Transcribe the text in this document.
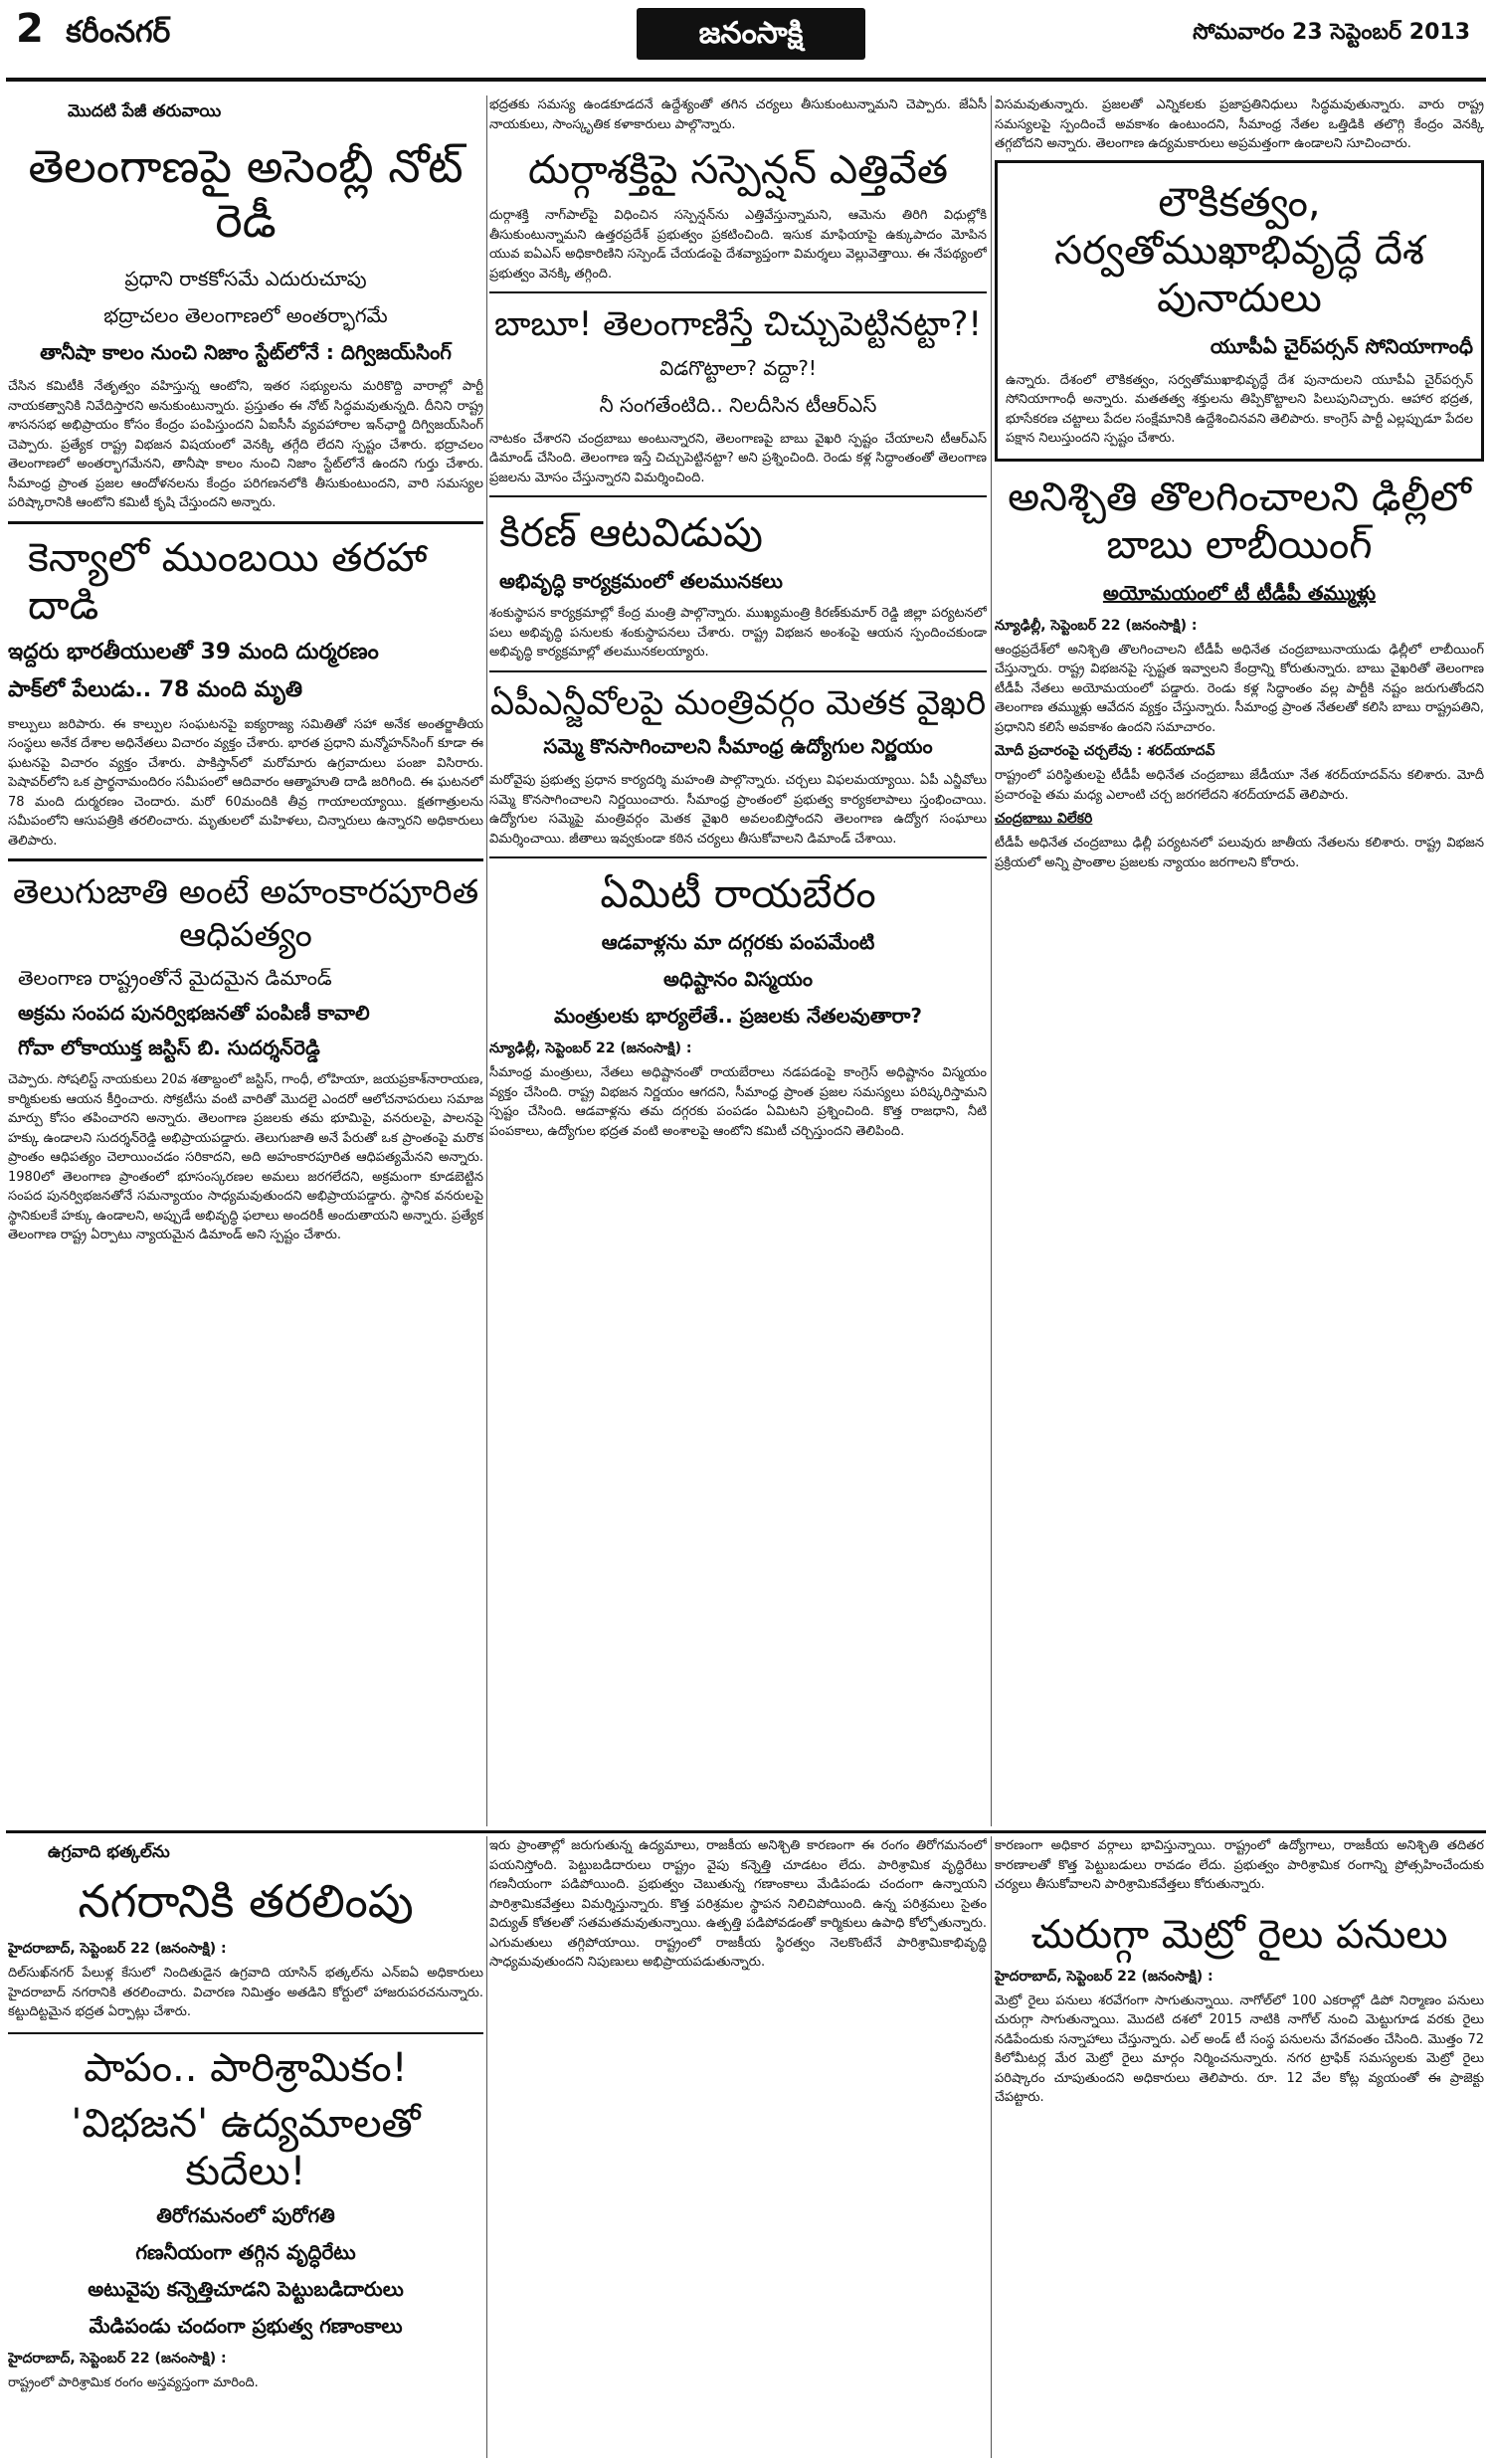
2 కరీంనగర్	జనంసాక్షి	సోమవారం 23 సెప్టెంబర్ 2013
మొదటి పేజీ తరువాయి
తెలంగాణపై అసెంబ్లీ నోట్ రెడీ
ప్రధాని రాకకోసమే ఎదురుచూపు
భద్రాచలం తెలంగాణలో అంతర్భాగమే
తానీషా కాలం నుంచి నిజాం స్టేట్‌లోనే : దిగ్విజయ్‌సింగ్

చేసిన కమిటీకి నేతృత్వం వహిస్తున్న ఆంటోని, ఇతర సభ్యులను మరికొద్ది వారాల్లో పార్టీ నాయకత్వానికి నివేదిస్తారని అనుకుంటున్నారు. ప్రస్తుతం ఈ నోట్ సిద్ధమవుతున్నది. దీనిని రాష్ట్ర శాసనసభ అభిప్రాయం కోసం కేంద్రం పంపిస్తుందని ఏఐసీసీ వ్యవహారాల ఇన్‌ఛార్జి దిగ్విజయ్‌సింగ్ చెప్పారు. ప్రత్యేక రాష్ట్ర విభజన విషయంలో వెనక్కి తగ్గేది లేదని స్పష్టం చేశారు. భద్రాచలం తెలంగాణలో అంతర్భాగమేనని, తానీషా కాలం నుంచి నిజాం స్టేట్‌లోనే ఉందని గుర్తు చేశారు. సీమాంధ్ర ప్రాంత ప్రజల ఆందోళనలను కేంద్రం పరిగణనలోకి తీసుకుంటుందని, వారి సమస్యల పరిష్కారానికి ఆంటోని కమిటీ కృషి చేస్తుందని అన్నారు.

కెన్యాలో ముంబయి తరహా దాడి
ఇద్దరు భారతీయులతో 39 మంది దుర్మరణం
పాక్‌లో పేలుడు.. 78 మంది మృతి

కాల్పులు జరిపారు. ఈ కాల్పుల సంఘటనపై ఐక్యరాజ్య సమితితో సహా అనేక అంతర్జాతీయ సంస్థలు అనేక దేశాల అధినేతలు విచారం వ్యక్తం చేశారు. భారత ప్రధాని మన్మోహన్‌సింగ్ కూడా ఈ ఘటనపై విచారం వ్యక్తం చేశారు. పాకిస్తాన్‌లో మరోమారు ఉగ్రవాదులు పంజా విసిరారు. పెషావర్‌లోని ఒక ప్రార్థనామందిరం సమీపంలో ఆదివారం ఆత్మాహుతి దాడి జరిగింది. ఈ ఘటనలో 78 మంది దుర్మరణం చెందారు. మరో 60మందికి తీవ్ర గాయాలయ్యాయి. క్షతగాత్రులను సమీపంలోని ఆసుపత్రికి తరలించారు. మృతులలో మహిళలు, చిన్నారులు ఉన్నారని అధికారులు తెలిపారు.

తెలుగుజాతి అంటే అహంకారపూరిత ఆధిపత్యం
తెలంగాణ రాష్ట్రంతోనే మైదమైన డిమాండ్
అక్రమ సంపద పునర్విభజనతో పంపిణీ కావాలి
గోవా లోకాయుక్త జస్టిస్ బి. సుదర్శన్‌రెడ్డి

చెప్పారు. సోషలిస్ట్ నాయకులు 20వ శతాబ్దంలో జస్టిస్, గాంధీ, లోహియా, జయప్రకాశ్‌నారాయణ, కార్మికులకు ఆయన కీర్తించారు. సోక్రటీసు వంటి వారితో మొదలై ఎందరో ఆలోచనాపరులు సమాజ మార్పు కోసం తపించారని అన్నారు. తెలంగాణ ప్రజలకు తమ భూమిపై, వనరులపై, పాలనపై హక్కు ఉండాలని సుదర్శన్‌రెడ్డి అభిప్రాయపడ్డారు. తెలుగుజాతి అనే పేరుతో ఒక ప్రాంతంపై మరొక ప్రాంతం ఆధిపత్యం చెలాయించడం సరికాదని, అది అహంకారపూరిత ఆధిపత్యమేనని అన్నారు. 1980లో తెలంగాణ ప్రాంతంలో భూసంస్కరణల అమలు జరగలేదని, అక్రమంగా కూడబెట్టిన సంపద పునర్విభజనతోనే సమన్యాయం సాధ్యమవుతుందని అభిప్రాయపడ్డారు. స్థానిక వనరులపై స్థానికులకే హక్కు ఉండాలని, అప్పుడే అభివృద్ధి ఫలాలు అందరికీ అందుతాయని అన్నారు. ప్రత్యేక తెలంగాణ రాష్ట్ర ఏర్పాటు న్యాయమైన డిమాండ్ అని స్పష్టం చేశారు.

భద్రతకు సమస్య ఉండకూడదనే ఉద్దేశ్యంతో తగిన చర్యలు తీసుకుంటున్నామని చెప్పారు. జేఏసీ నాయకులు, సాంస్కృతిక కళాకారులు పాల్గొన్నారు.

దుర్గాశక్తిపై సస్పెన్షన్ ఎత్తివేత

దుర్గాశక్తి నాగ్‌పాల్‌పై విధించిన సస్పెన్షన్‌ను ఎత్తివేస్తున్నామని, ఆమెను తిరిగి విధుల్లోకి తీసుకుంటున్నామని ఉత్తరప్రదేశ్ ప్రభుత్వం ప్రకటించింది. ఇసుక మాఫియాపై ఉక్కుపాదం మోపిన యువ ఐఏఎస్ అధికారిణిని సస్పెండ్ చేయడంపై దేశవ్యాప్తంగా విమర్శలు వెల్లువెత్తాయి. ఈ నేపథ్యంలో ప్రభుత్వం వెనక్కి తగ్గింది.

బాబూ! తెలంగాణిస్తే చిచ్చుపెట్టినట్టా?!
విడగొట్టాలా? వద్దా?!
నీ సంగతేంటిది.. నిలదీసిన టీఆర్ఎస్

నాటకం చేశారని చంద్రబాబు అంటున్నారని, తెలంగాణపై బాబు వైఖరి స్పష్టం చేయాలని టీఆర్ఎస్ డిమాండ్ చేసింది. తెలంగాణ ఇస్తే చిచ్చుపెట్టినట్టా? అని ప్రశ్నించింది. రెండు కళ్ల సిద్ధాంతంతో తెలంగాణ ప్రజలను మోసం చేస్తున్నారని విమర్శించింది.

కిరణ్ ఆటవిడుపు
అభివృద్ధి కార్యక్రమంలో తలమునకలు

శంకుస్థాపన కార్యక్రమాల్లో కేంద్ర మంత్రి పాల్గొన్నారు. ముఖ్యమంత్రి కిరణ్‌కుమార్ రెడ్డి జిల్లా పర్యటనలో పలు అభివృద్ధి పనులకు శంకుస్థాపనలు చేశారు. రాష్ట్ర విభజన అంశంపై ఆయన స్పందించకుండా అభివృద్ధి కార్యక్రమాల్లో తలమునకలయ్యారు.

ఏపీఎన్జీవోలపై మంత్రివర్గం మెతక వైఖరి
సమ్మె కొనసాగించాలని సీమాంధ్ర ఉద్యోగుల నిర్ణయం

మరోవైపు ప్రభుత్వ ప్రధాన కార్యదర్శి మహంతి పాల్గొన్నారు. చర్చలు విఫలమయ్యాయి. ఏపీ ఎన్జీవోలు సమ్మె కొనసాగించాలని నిర్ణయించారు. సీమాంధ్ర ప్రాంతంలో ప్రభుత్వ కార్యకలాపాలు స్తంభించాయి. ఉద్యోగుల సమ్మెపై మంత్రివర్గం మెతక వైఖరి అవలంబిస్తోందని తెలంగాణ ఉద్యోగ సంఘాలు విమర్శించాయి. జీతాలు ఇవ్వకుండా కఠిన చర్యలు తీసుకోవాలని డిమాండ్ చేశాయి.

ఏమిటీ రాయబేరం
ఆడవాళ్లను మా దగ్గరకు పంపమేంటి
అధిష్టానం విస్మయం
మంత్రులకు భార్యలేతే.. ప్రజలకు నేతలవుతారా?
న్యూఢిల్లీ, సెప్టెంబర్ 22 (జనంసాక్షి) :

సీమాంధ్ర మంత్రులు, నేతలు అధిష్టానంతో రాయబేరాలు నడపడంపై కాంగ్రెస్ అధిష్టానం విస్మయం వ్యక్తం చేసింది. రాష్ట్ర విభజన నిర్ణయం ఆగదని, సీమాంధ్ర ప్రాంత ప్రజల సమస్యలు పరిష్కరిస్తామని స్పష్టం చేసింది. ఆడవాళ్లను తమ దగ్గరకు పంపడం ఏమిటని ప్రశ్నించింది. కొత్త రాజధాని, నీటి పంపకాలు, ఉద్యోగుల భద్రత వంటి అంశాలపై ఆంటోని కమిటీ చర్చిస్తుందని తెలిపింది.

విసమవుతున్నారు. ప్రజలతో ఎన్నికలకు ప్రజాప్రతినిధులు సిద్ధమవుతున్నారు. వారు రాష్ట్ర సమస్యలపై స్పందించే అవకాశం ఉంటుందని, సీమాంధ్ర నేతల ఒత్తిడికి తలొగ్గి కేంద్రం వెనక్కి తగ్గబోదని అన్నారు. తెలంగాణ ఉద్యమకారులు అప్రమత్తంగా ఉండాలని సూచించారు.

లౌకికత్వం, సర్వతోముఖాభివృద్ధే దేశ పునాదులు
యూపీఏ చైర్‌పర్సన్ సోనియాగాంధీ

ఉన్నారు. దేశంలో లౌకికత్వం, సర్వతోముఖాభివృద్ధే దేశ పునాదులని యూపీఏ చైర్‌పర్సన్ సోనియాగాంధీ అన్నారు. మతతత్వ శక్తులను తిప్పికొట్టాలని పిలుపునిచ్చారు. ఆహార భద్రత, భూసేకరణ చట్టాలు పేదల సంక్షేమానికి ఉద్దేశించినవని తెలిపారు. కాంగ్రెస్ పార్టీ ఎల్లప్పుడూ పేదల పక్షాన నిలుస్తుందని స్పష్టం చేశారు.

అనిశ్చితి తొలగించాలని ఢిల్లీలో బాబు లాబీయింగ్
అయోమయంలో టీ టీడీపీ తమ్ముళ్లు
న్యూఢిల్లీ, సెప్టెంబర్ 22 (జనంసాక్షి) :

ఆంధ్రప్రదేశ్‌లో అనిశ్చితి తొలగించాలని టీడీపీ అధినేత చంద్రబాబునాయుడు ఢిల్లీలో లాబీయింగ్ చేస్తున్నారు. రాష్ట్ర విభజనపై స్పష్టత ఇవ్వాలని కేంద్రాన్ని కోరుతున్నారు. బాబు వైఖరితో తెలంగాణ టీడీపీ నేతలు అయోమయంలో పడ్డారు. రెండు కళ్ల సిద్ధాంతం వల్ల పార్టీకి నష్టం జరుగుతోందని తెలంగాణ తమ్ముళ్లు ఆవేదన వ్యక్తం చేస్తున్నారు. సీమాంధ్ర ప్రాంత నేతలతో కలిసి బాబు రాష్ట్రపతిని, ప్రధానిని కలిసే అవకాశం ఉందని సమాచారం.

మోదీ ప్రచారంపై చర్చలేవు : శరద్‌యాదవ్

రాష్ట్రంలో పరిస్థితులపై టీడీపీ అధినేత చంద్రబాబు జేడీయూ నేత శరద్‌యాదవ్‌ను కలిశారు. మోదీ ప్రచారంపై తమ మధ్య ఎలాంటి చర్చ జరగలేదని శరద్‌యాదవ్ తెలిపారు.

చంద్రబాబు విలేకరి

టీడీపీ అధినేత చంద్రబాబు ఢిల్లీ పర్యటనలో పలువురు జాతీయ నేతలను కలిశారు. రాష్ట్ర విభజన ప్రక్రియలో అన్ని ప్రాంతాల ప్రజలకు న్యాయం జరగాలని కోరారు.

ఉగ్రవాది భత్కల్‌ను
నగరానికి తరలింపు
హైదరాబాద్, సెప్టెంబర్ 22 (జనంసాక్షి) :

దిల్‌సుఖ్‌నగర్ పేలుళ్ల కేసులో నిందితుడైన ఉగ్రవాది యాసిన్ భత్కల్‌ను ఎన్ఐఏ అధికారులు హైదరాబాద్ నగరానికి తరలించారు. విచారణ నిమిత్తం అతడిని కోర్టులో హాజరుపరచనున్నారు. కట్టుదిట్టమైన భద్రత ఏర్పాట్లు చేశారు.

పాపం.. పారిశ్రామికం!
'విభజన' ఉద్యమాలతో కుదేలు!
తిరోగమనంలో పురోగతి
గణనీయంగా తగ్గిన వృద్ధిరేటు
అటువైపు కన్నెత్తిచూడని పెట్టుబడిదారులు
మేడిపండు చందంగా ప్రభుత్వ గణాంకాలు
హైదరాబాద్, సెప్టెంబర్ 22 (జనంసాక్షి) :

రాష్ట్రంలో పారిశ్రామిక రంగం అస్తవ్యస్తంగా మారింది.

ఇరు ప్రాంతాల్లో జరుగుతున్న ఉద్యమాలు, రాజకీయ అనిశ్చితి కారణంగా ఈ రంగం తిరోగమనంలో పయనిస్తోంది. పెట్టుబడిదారులు రాష్ట్రం వైపు కన్నెత్తి చూడటం లేదు. పారిశ్రామిక వృద్ధిరేటు గణనీయంగా పడిపోయింది. ప్రభుత్వం చెబుతున్న గణాంకాలు మేడిపండు చందంగా ఉన్నాయని పారిశ్రామికవేత్తలు విమర్శిస్తున్నారు. కొత్త పరిశ్రమల స్థాపన నిలిచిపోయింది. ఉన్న పరిశ్రమలు సైతం విద్యుత్ కోతలతో సతమతమవుతున్నాయి. ఉత్పత్తి పడిపోవడంతో కార్మికులు ఉపాధి కోల్పోతున్నారు. ఎగుమతులు తగ్గిపోయాయి. రాష్ట్రంలో రాజకీయ స్థిరత్వం నెలకొంటేనే పారిశ్రామికాభివృద్ధి సాధ్యమవుతుందని నిపుణులు అభిప్రాయపడుతున్నారు.

కారణంగా అధికార వర్గాలు భావిస్తున్నాయి. రాష్ట్రంలో ఉద్యోగాలు, రాజకీయ అనిశ్చితి తదితర కారణాలతో కొత్త పెట్టుబడులు రావడం లేదు. ప్రభుత్వం పారిశ్రామిక రంగాన్ని ప్రోత్సహించేందుకు చర్యలు తీసుకోవాలని పారిశ్రామికవేత్తలు కోరుతున్నారు.

చురుగ్గా మెట్రో రైలు పనులు
హైదరాబాద్, సెప్టెంబర్ 22 (జనంసాక్షి) :

మెట్రో రైలు పనులు శరవేగంగా సాగుతున్నాయి. నాగోల్‌లో 100 ఎకరాల్లో డిపో నిర్మాణం పనులు చురుగ్గా సాగుతున్నాయి. మొదటి దశలో 2015 నాటికి నాగోల్ నుంచి మెట్టుగూడ వరకు రైలు నడిపేందుకు సన్నాహాలు చేస్తున్నారు. ఎల్ అండ్ టీ సంస్థ పనులను వేగవంతం చేసింది. మొత్తం 72 కిలోమీటర్ల మేర మెట్రో రైలు మార్గం నిర్మించనున్నారు. నగర ట్రాఫిక్ సమస్యలకు మెట్రో రైలు పరిష్కారం చూపుతుందని అధికారులు తెలిపారు. రూ. 12 వేల కోట్ల వ్యయంతో ఈ ప్రాజెక్టు చేపట్టారు.
